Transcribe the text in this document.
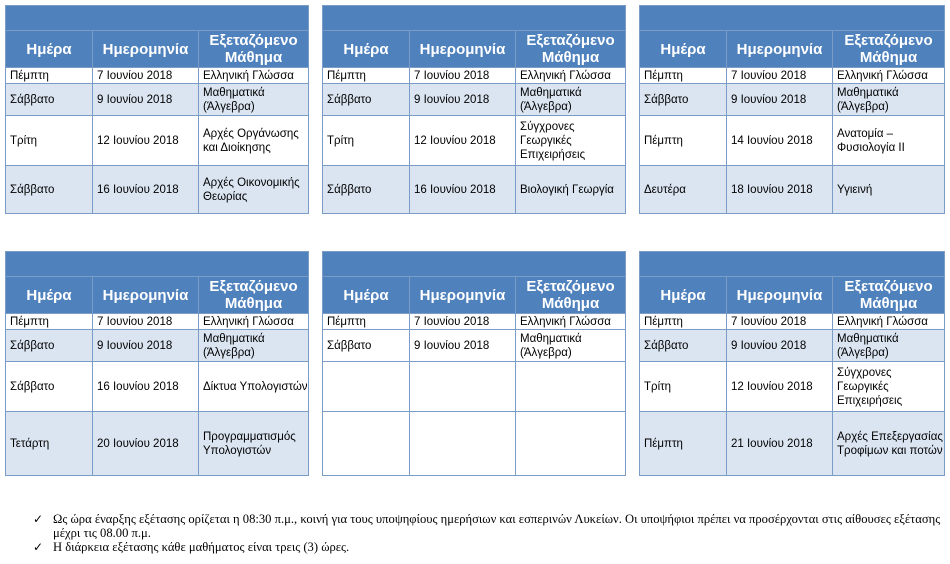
Ημέρα	Ημερομηνία	Εξεταζόμενο Μάθημα
Πέμπτη	7 Ιουνίου 2018	Ελληνική Γλώσσα
Σάββατο	9 Ιουνίου 2018	Μαθηματικά (Άλγεβρα)
Τρίτη	12 Ιουνίου 2018	Αρχές Οργάνωσης και Διοίκησης
Σάββατο	16 Ιουνίου 2018	Αρχές Οικονομικής Θεωρίας

Ημέρα	Ημερομηνία	Εξεταζόμενο Μάθημα
Πέμπτη	7 Ιουνίου 2018	Ελληνική Γλώσσα
Σάββατο	9 Ιουνίου 2018	Μαθηματικά (Άλγεβρα)
Τρίτη	12 Ιουνίου 2018	Σύγχρονες Γεωργικές Επιχειρήσεις
Σάββατο	16 Ιουνίου 2018	Βιολογική Γεωργία

Ημέρα	Ημερομηνία	Εξεταζόμενο Μάθημα
Πέμπτη	7 Ιουνίου 2018	Ελληνική Γλώσσα
Σάββατο	9 Ιουνίου 2018	Μαθηματικά (Άλγεβρα)
Πέμπτη	14 Ιουνίου 2018	Ανατομία – Φυσιολογία ΙΙ
Δευτέρα	18 Ιουνίου 2018	Υγιεινή

Ημέρα	Ημερομηνία	Εξεταζόμενο Μάθημα
Πέμπτη	7 Ιουνίου 2018	Ελληνική Γλώσσα
Σάββατο	9 Ιουνίου 2018	Μαθηματικά (Άλγεβρα)
Σάββατο	16 Ιουνίου 2018	Δίκτυα Υπολογιστών
Τετάρτη	20 Ιουνίου 2018	Προγραμματισμός Υπολογιστών

Ημέρα	Ημερομηνία	Εξεταζόμενο Μάθημα
Πέμπτη	7 Ιουνίου 2018	Ελληνική Γλώσσα
Σάββατο	9 Ιουνίου 2018	Μαθηματικά (Άλγεβρα)

Ημέρα	Ημερομηνία	Εξεταζόμενο Μάθημα
Πέμπτη	7 Ιουνίου 2018	Ελληνική Γλώσσα
Σάββατο	9 Ιουνίου 2018	Μαθηματικά (Άλγεβρα)
Τρίτη	12 Ιουνίου 2018	Σύγχρονες Γεωργικές Επιχειρήσεις
Πέμπτη	21 Ιουνίου 2018	Αρχές Επεξεργασίας Τροφίμων και ποτών
✓ Ως ώρα έναρξης εξέτασης ορίζεται η 08:30 π.μ., κοινή για τους υποψηφίους ημερήσιων και εσπερινών Λυκείων. Οι υποψήφιοι πρέπει να προσέρχονται στις αίθουσες εξέτασης μέχρι τις 08.00 π.μ.
✓ Η διάρκεια εξέτασης κάθε μαθήματος είναι τρεις (3) ώρες.
